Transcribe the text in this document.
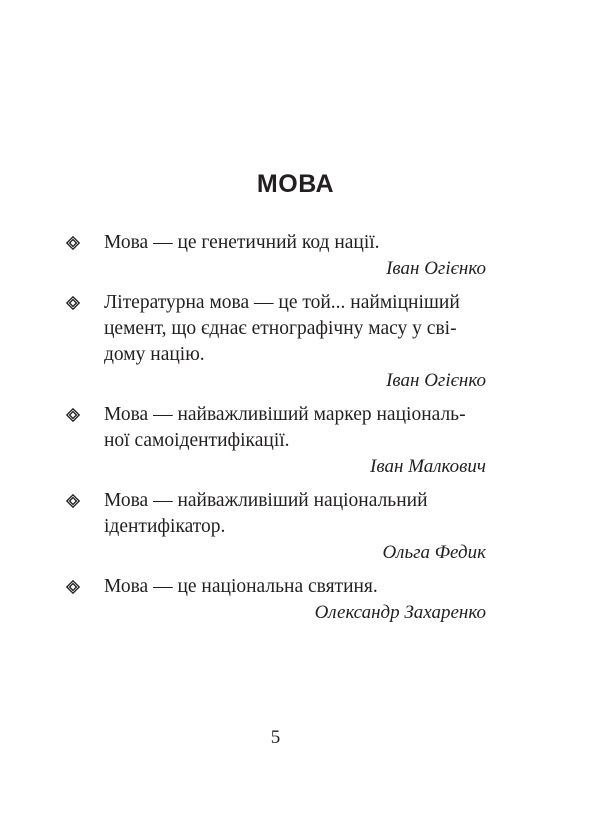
МОВА
Мова — це генетичний код нації.
Іван Огієнко
Літературна мова — це той... найміцніший
цемент, що єднає етнографічну масу у сві-
дому націю.
Іван Огієнко
Мова — найважливіший маркер національ-
ної самоідентифікації.
Іван Малкович
Мова — найважливіший національний
ідентифікатор.
Ольга Федик
Мова — це національна святиня.
Олександр Захаренко
5
